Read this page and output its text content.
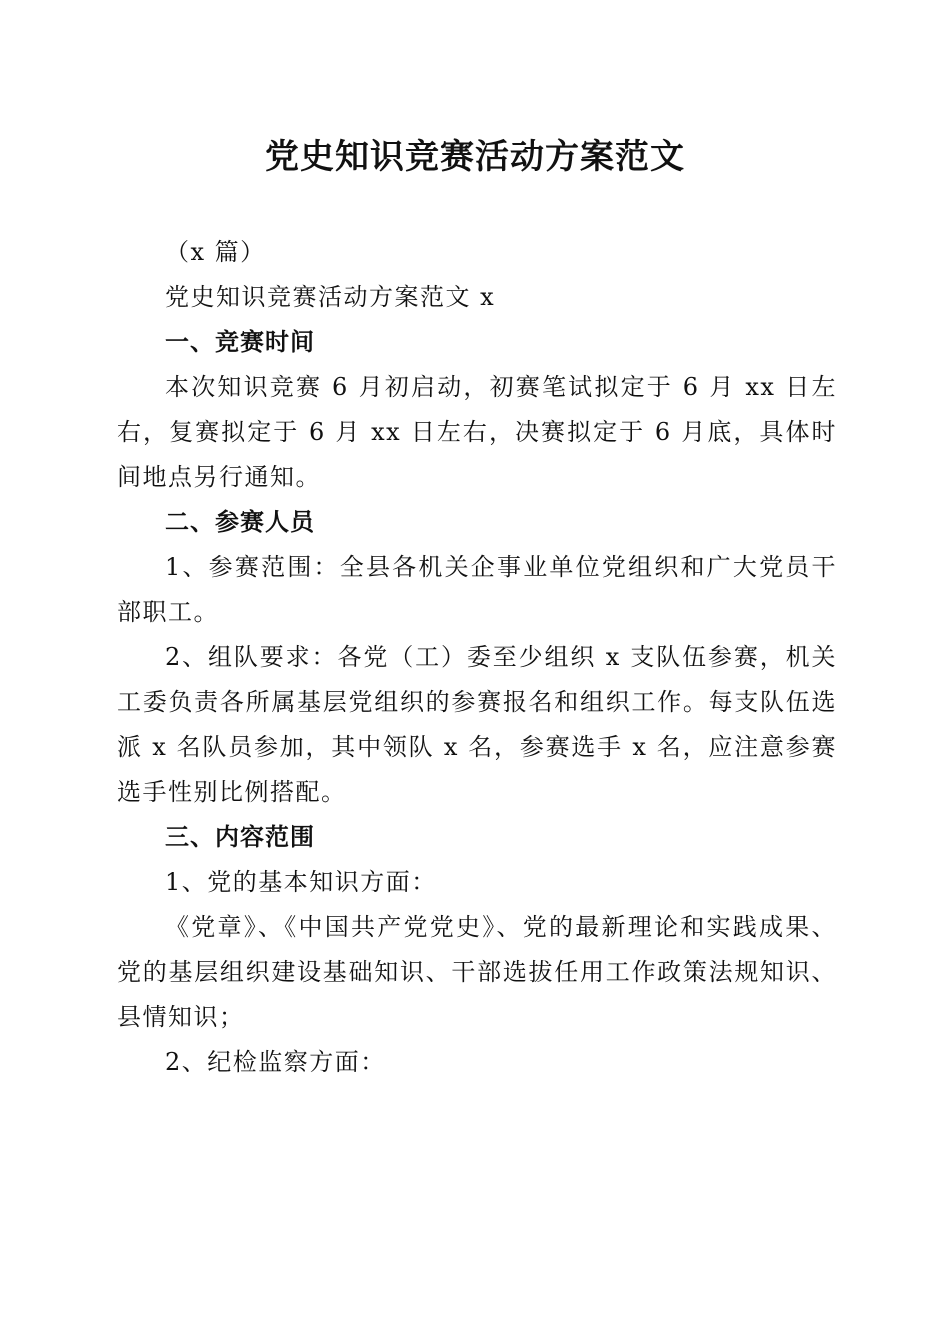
党史知识竞赛活动方案范文

（x 篇）

党史知识竞赛活动方案范文 x

一、竞赛时间

本次知识竞赛 6 月初启动，初赛笔试拟定于 6 月 xx 日左右，复赛拟定于 6 月 xx 日左右，决赛拟定于 6 月底，具体时间地点另行通知。

二、参赛人员

1、参赛范围：全县各机关企事业单位党组织和广大党员干部职工。

2、组队要求：各党（工）委至少组织 x 支队伍参赛，机关工委负责各所属基层党组织的参赛报名和组织工作。每支队伍选派 x 名队员参加，其中领队 x 名，参赛选手 x 名，应注意参赛选手性别比例搭配。

三、内容范围

1、党的基本知识方面：

《党章》、《中国共产党党史》、党的最新理论和实践成果、党的基层组织建设基础知识、干部选拔任用工作政策法规知识、县情知识；

2、纪检监察方面：
